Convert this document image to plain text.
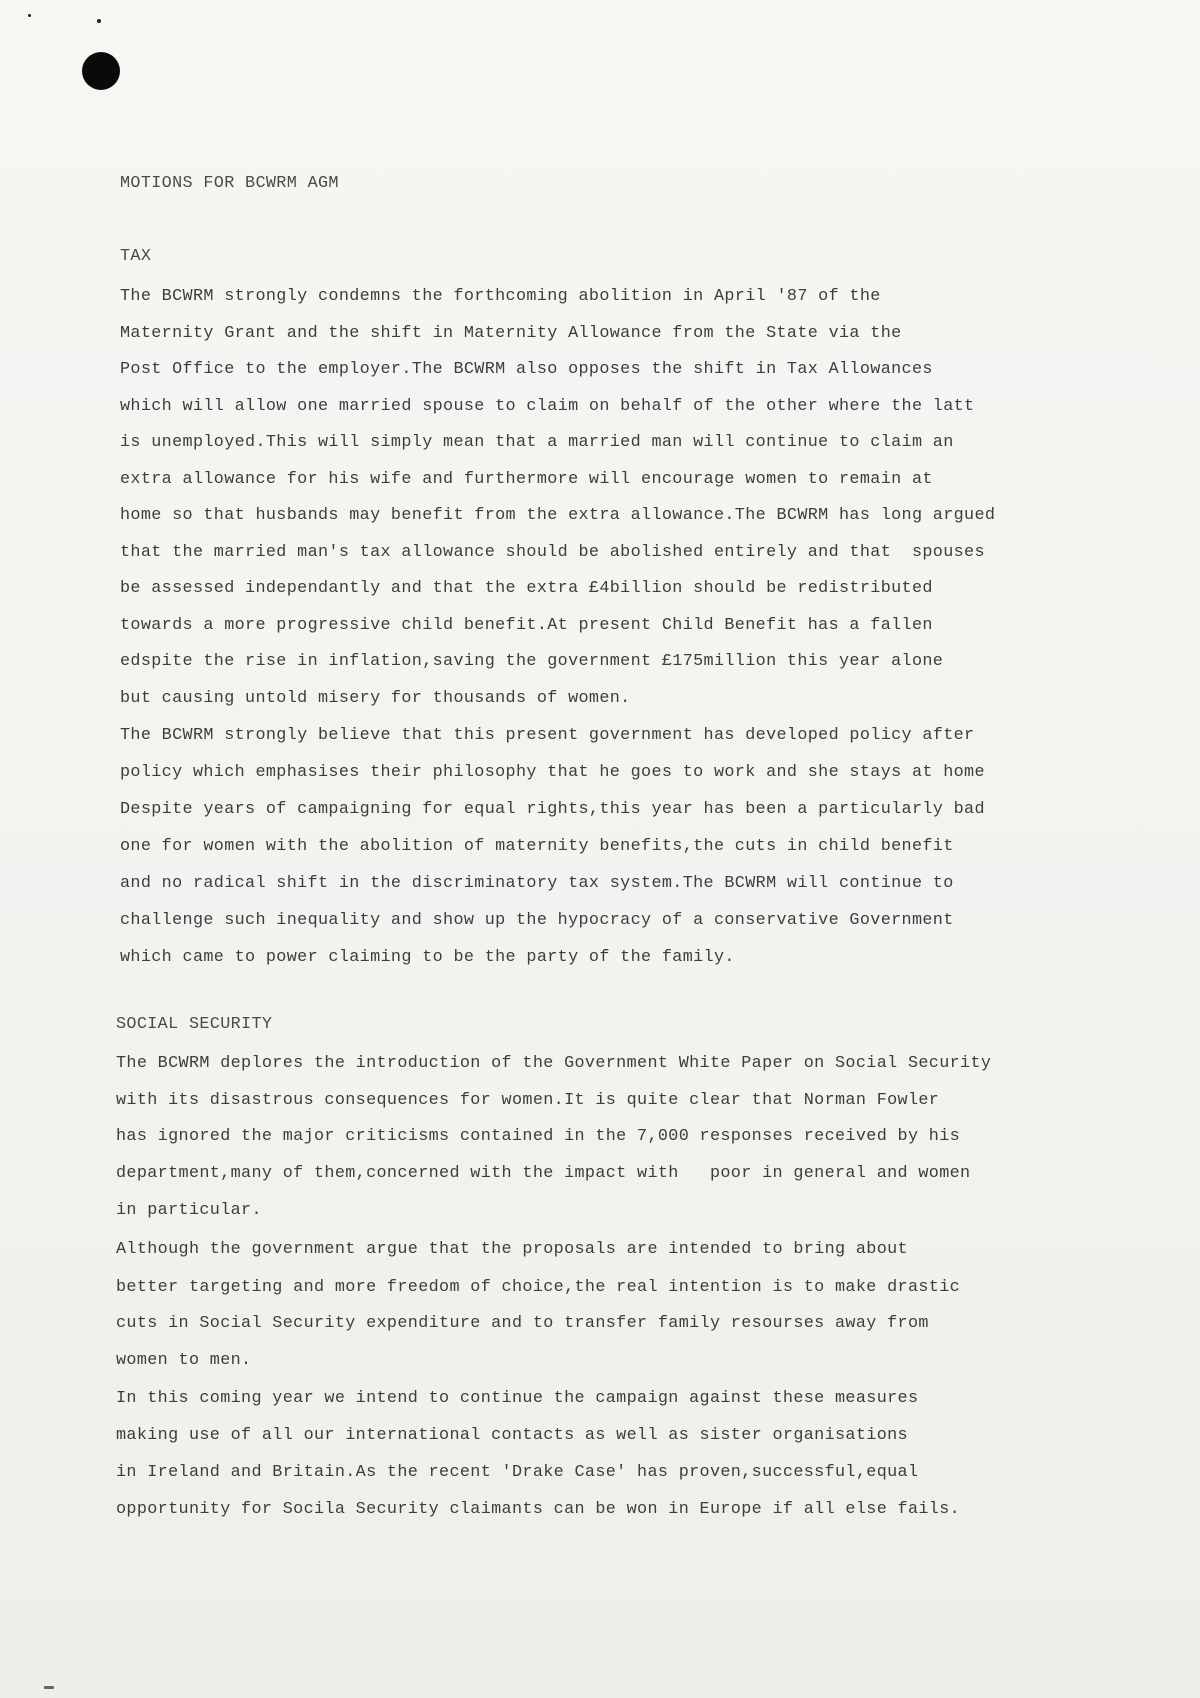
MOTIONS FOR BCWRM AGM
TAX
The BCWRM strongly condemns the forthcoming abolition in April '87 of the
Maternity Grant and the shift in Maternity Allowance from the State via the
Post Office to the employer.The BCWRM also opposes the shift in Tax Allowances
which will allow one married spouse to claim on behalf of the other where the latt
is unemployed.This will simply mean that a married man will continue to claim an
extra allowance for his wife and furthermore will encourage women to remain at
home so that husbands may benefit from the extra allowance.The BCWRM has long argued
that the married man's tax allowance should be abolished entirely and that  spouses
be assessed independantly and that the extra £4billion should be redistributed
towards a more progressive child benefit.At present Child Benefit has a fallen
edspite the rise in inflation,saving the government £175million this year alone
but causing untold misery for thousands of women.
The BCWRM strongly believe that this present government has developed policy after
policy which emphasises their philosophy that he goes to work and she stays at home
Despite years of campaigning for equal rights,this year has been a particularly bad
one for women with the abolition of maternity benefits,the cuts in child benefit
and no radical shift in the discriminatory tax system.The BCWRM will continue to
challenge such inequality and show up the hypocracy of a conservative Government
which came to power claiming to be the party of the family.
SOCIAL SECURITY
The BCWRM deplores the introduction of the Government White Paper on Social Security
with its disastrous consequences for women.It is quite clear that Norman Fowler
has ignored the major criticisms contained in the 7,000 responses received by his
department,many of them,concerned with the impact with   poor in general and women
in particular.
Although the government argue that the proposals are intended to bring about
better targeting and more freedom of choice,the real intention is to make drastic
cuts in Social Security expenditure and to transfer family resourses away from
women to men.
In this coming year we intend to continue the campaign against these measures
making use of all our international contacts as well as sister organisations
in Ireland and Britain.As the recent 'Drake Case' has proven,successful,equal
opportunity for Socila Security claimants can be won in Europe if all else fails.
